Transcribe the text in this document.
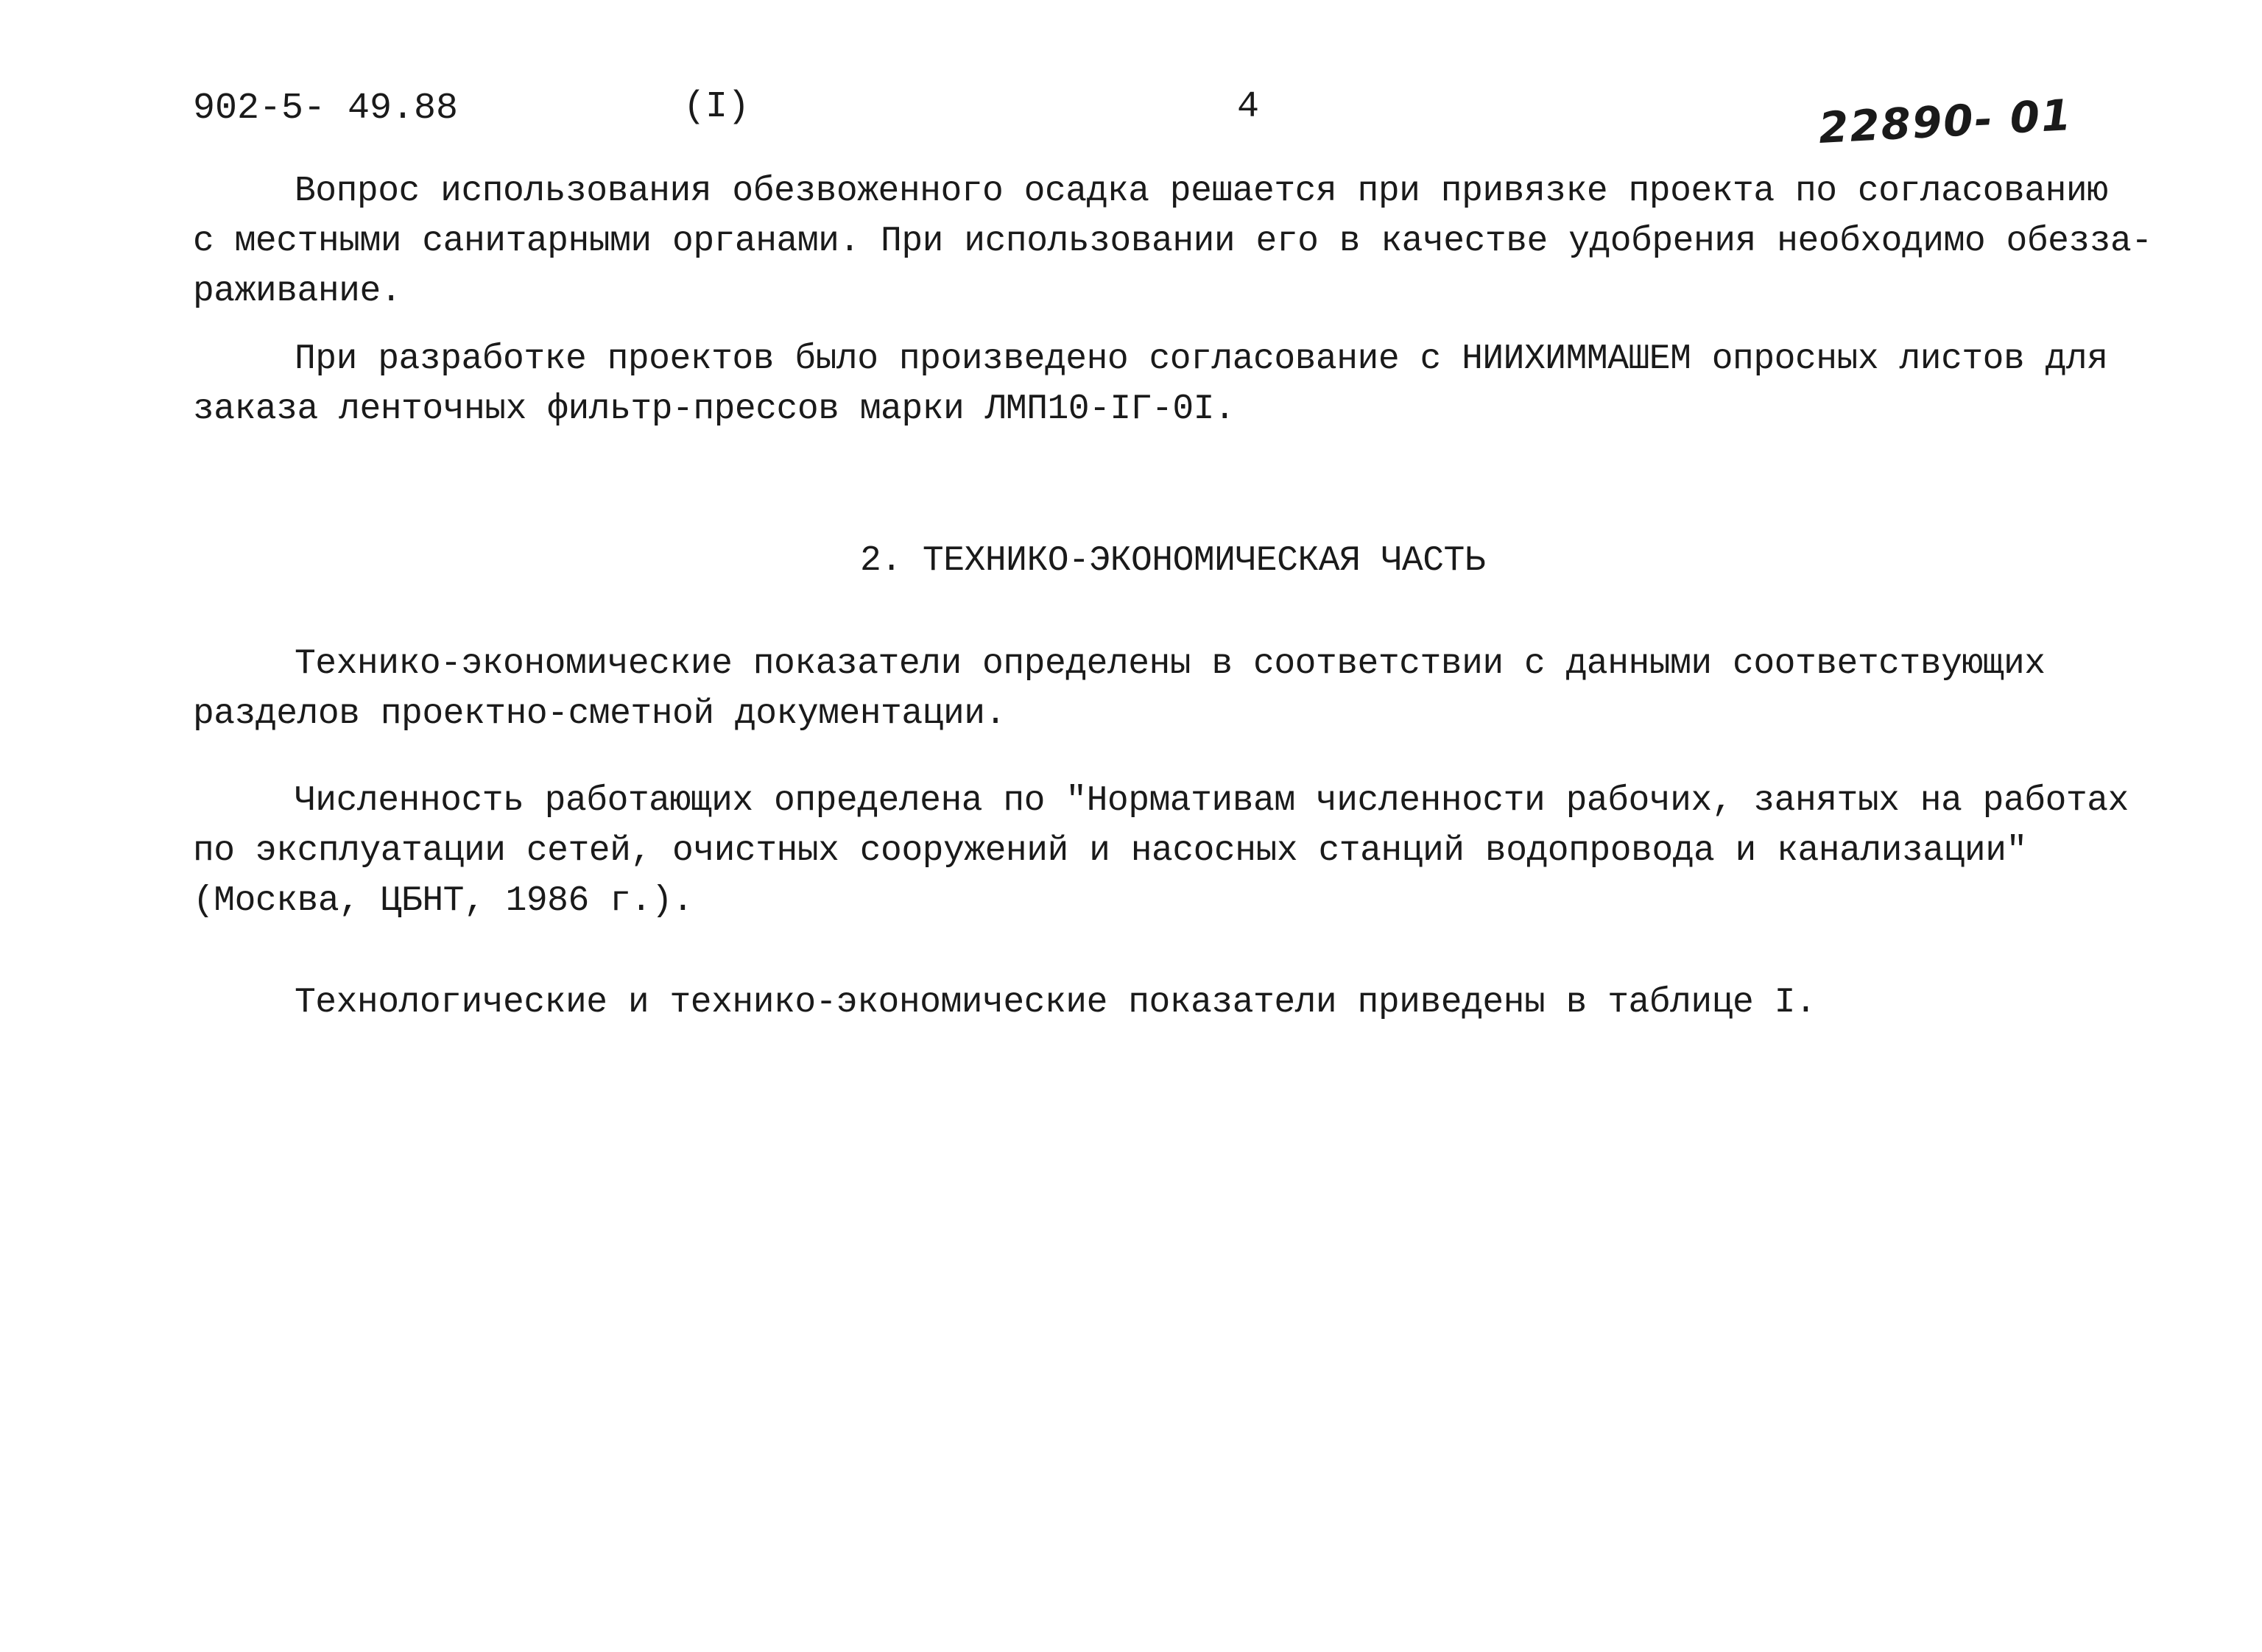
902-5- 49.88	(I)	4	22890- 01
Вопрос использования обезвоженного осадка решается при привязке проекта по согласованию
с местными санитарными органами. При использовании его в качестве удобрения необходимо обезза-
раживание.
При разработке проектов было произведено согласование с НИИХИММАШЕМ опросных листов для
заказа ленточных фильтр-прессов марки ЛМП10-IГ-0I.
2. ТЕХНИКО-ЭКОНОМИЧЕСКАЯ ЧАСТЬ
Технико-экономические показатели определены в соответствии с данными соответствующих
разделов проектно-сметной документации.
Численность работающих определена по "Нормативам численности рабочих, занятых на работах
по эксплуатации сетей, очистных сооружений и насосных станций водопровода и канализации"
(Москва, ЦБНТ, 1986 г.).
Технологические и технико-экономические показатели приведены в таблице I.
